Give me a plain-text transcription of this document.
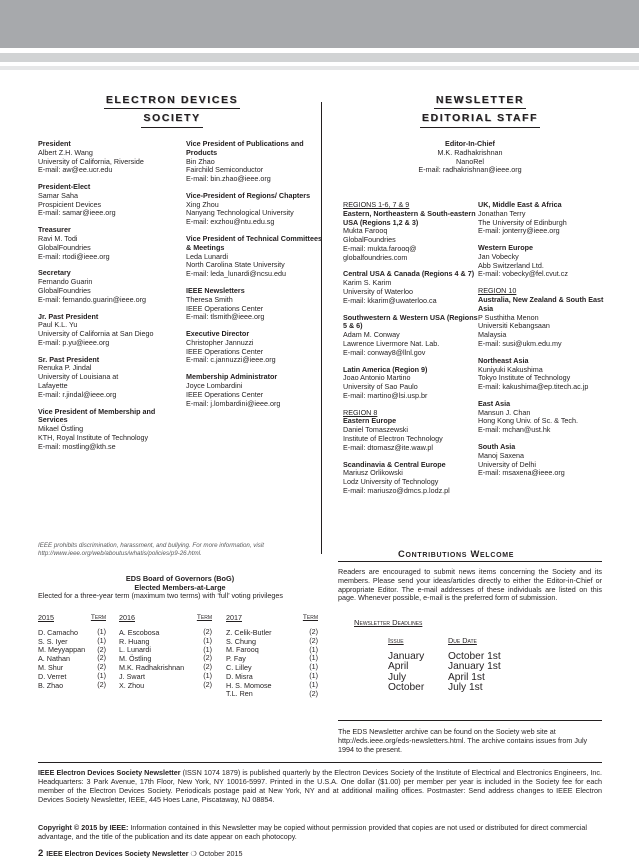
ELECTRON DEVICES
SOCIETY
NEWSLETTER
EDITORIAL STAFF
President
Albert Z.H. Wang
University of California, Riverside
E-mail: aw@ee.ucr.edu
President-Elect
Samar Saha
Prospicient Devices
E-mail: samar@ieee.org
Treasurer
Ravi M. Todi
GlobalFoundries
E-mail: rtodi@ieee.org
Secretary
Fernando Guarin
GlobalFoundries
E-mail: fernando.guarin@ieee.org
Jr. Past President
Paul K.L. Yu
University of California at San Diego
E-mail: p.yu@ieee.org
Sr. Past President
Renuka P. Jindal
University of Louisiana at
Lafayette
E-mail: r.jindal@ieee.org
Vice President of Membership and Services
Mikael Östling
KTH, Royal Institute of Technology
E-mail: mostling@kth.se
Vice President of Publications and Products
Bin Zhao
Fairchild Semiconductor
E-mail: bin.zhao@ieee.org
Vice-President of Regions/ Chapters
Xing Zhou
Nanyang Technological University
E-mail: exzhou@ntu.edu.sg
Vice President of Technical Committees & Meetings
Leda Lunardi
North Carolina State University
E-mail: leda_lunardi@ncsu.edu
IEEE Newsletters
Theresa Smith
IEEE Operations Center
E-mail: tlsmith@ieee.org
Executive Director
Christopher Jannuzzi
IEEE Operations Center
E-mail: c.jannuzzi@ieee.org
Membership Administrator
Joyce Lombardini
IEEE Operations Center
E-mail: j.lombardini@ieee.org
Editor-In-Chief
M.K. Radhakrishnan
NanoRel
E-mail: radhakrishnan@ieee.org
REGIONS 1-6, 7 & 9
Eastern, Northeastern & South-eastern USA (Regions 1,2 & 3)
Mukta Farooq
GlobalFoundries
E-mail: mukta.farooq@
globalfoundries.com
Central USA & Canada (Regions 4 & 7)
Karim S. Karim
University of Waterloo
E-mail: kkarim@uwaterloo.ca
Southwestern & Western USA (Regions 5 & 6)
Adam M. Conway
Lawrence Livermore Nat. Lab.
E-mail: conway8@llnl.gov
Latin America (Region 9)
Joao Antonio Martino
University of Sao Paulo
E-mail: martino@lsi.usp.br
REGION 8
Eastern Europe
Daniel Tomaszewski
Institute of Electron Technology
E-mail: dtomasz@ite.waw.pl
Scandinavia & Central Europe
Mariusz Orlikowski
Lodz University of Technology
E-mail: mariuszo@dmcs.p.lodz.pl
UK, Middle East & Africa
Jonathan Terry
The University of Edinburgh
E-mail: jonterry@ieee.org
Western Europe
Jan Vobecky
Abb Switzerland Ltd.
E-mail: vobecky@fel.cvut.cz
REGION 10
Australia, New Zealand & South East Asia
P Susthitha Menon
Universiti Kebangsaan
Malaysia
E-mail: susi@ukm.edu.my
Northeast Asia
Kuniyuki Kakushima
Tokyo Institute of Technology
E-mail: kakushima@ep.titech.ac.jp
East Asia
Mansun J. Chan
Hong Kong Univ. of Sc. & Tech.
E-mail: mchan@ust.hk
South Asia
Manoj Saxena
University of Delhi
E-mail: msaxena@ieee.org
IEEE prohibits discrimination, harassment, and bullying. For more information, visit http://www.ieee.org/web/aboutus/whatis/policies/p9-26.html.
EDS Board of Governors (BoG)
Elected Members-at-Large
Elected for a three-year term (maximum two terms) with ‘full’ voting privileges
2015
D. Camacho
S. S. Iyer
M. Meyyappan
A. Nathan
M. Shur
D. Verret
B. Zhao
Term
(1)
(1)
(2)
(2)
(2)
(1)
(2)
2016
A. Escobosa
R. Huang
L. Lunardi
M. Östling
M.K. Radhakrishnan
J. Swart
X. Zhou
Term
(2)
(1)
(1)
(2)
(2)
(1)
(2)
2017
Z. Celik-Butler
S. Chung
M. Farooq
P. Fay
C. Lilley
D. Misra
H. S. Momose
T.L. Ren
Term
(2)
(2)
(1)
(1)
(1)
(1)
(1)
(2)
Contributions Welcome
Readers are encouraged to submit news items concerning the Society and its members. Please send your ideas/articles directly to either the Editor-in-Chief or appropriate Editor. The e-mail addresses of these individuals are listed on this page. Whenever possible, e-mail is the preferred form of submission.
Newsletter Deadlines
Issue	Due Date
January
April
July
October
October 1st
January 1st
April 1st
July 1st
The EDS Newsletter archive can be found on the Society web site at http://eds.ieee.org/eds-newsletters.html. The archive contains issues from July 1994 to the present.
IEEE Electron Devices Society Newsletter (ISSN 1074 1879) is published quarterly by the Electron Devices Society of the Institute of Electrical and Electronics Engineers, Inc. Headquarters: 3 Park Avenue, 17th Floor, New York, NY 10016-5997. Printed in the U.S.A. One dollar ($1.00) per member per year is included in the Society fee for each member of the Electron Devices Society. Periodicals postage paid at New York, NY and at additional mailing offices. Postmaster: Send address changes to IEEE Electron Devices Society Newsletter, IEEE, 445 Hoes Lane, Piscataway, NJ 08854.
Copyright © 2015 by IEEE: Information contained in this Newsletter may be copied without permission provided that copies are not used or distributed for direct commercial advantage, and the title of the publication and its date appear on each photocopy.
2 IEEE Electron Devices Society Newsletter ❍ October 2015
